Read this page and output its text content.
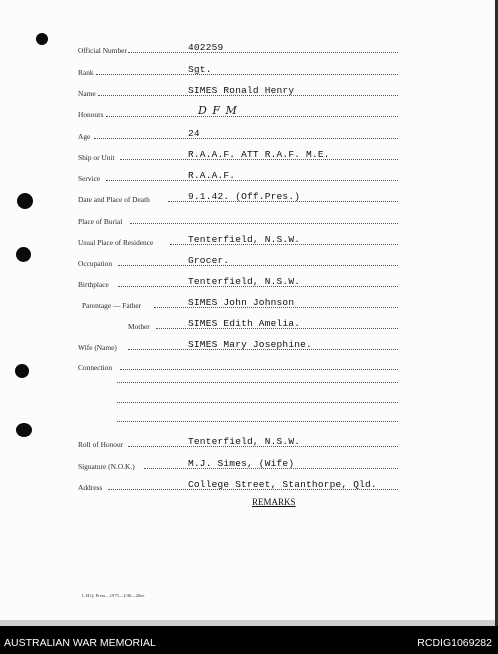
Official Number	402259
Rank	Sgt.
Name	SIMES Ronald Henry
Honours	D F M
Age	24
Ship or Unit	R.A.A.F. ATT R.A.F. M.E.
Service	R.A.A.F.
Date and Place of Death	9.1.42. (Off.Pres.)
Place of Burial
Usual Place of Residence	Tenterfield, N.S.W.
Occupation	Grocer.
Birthplace	Tenterfield, N.S.W.
Parentage — Father	SIMES John Johnson
Mother	SIMES Edith Amelia.
Wife (Name)	SIMES Mary Josephine.
Connection
Roll of Honour	Tenterfield, N.S.W.
Signature (N.O.K.)	M.J. Simes, (Wife)
Address	College Street, Stanthorpe, Qld.
REMARKS
L.H.Q. Press—1975—1/40—20m.
AUSTRALIAN WAR MEMORIAL	RCDIG1069282
